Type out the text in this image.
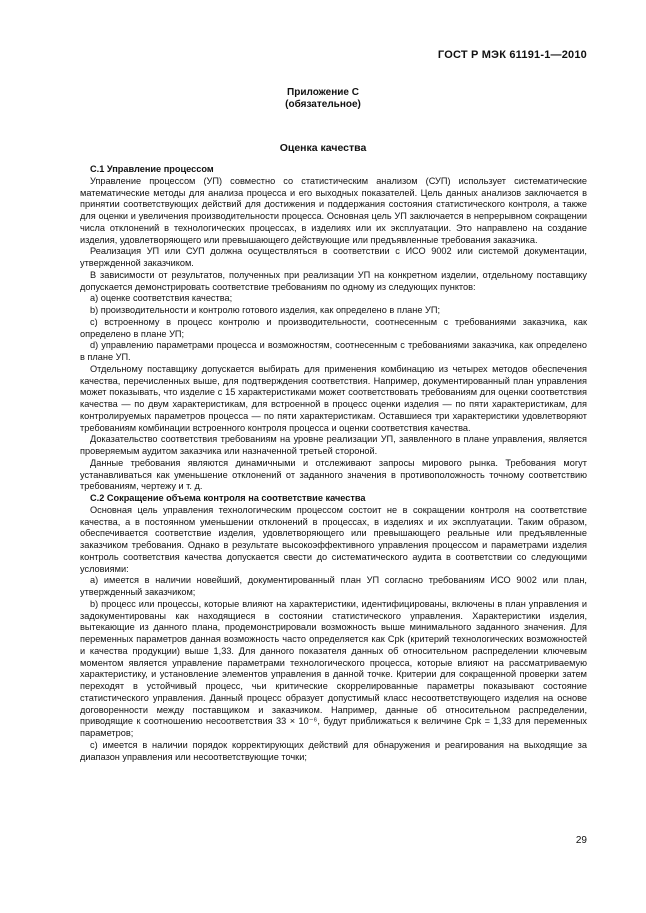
ГОСТ Р МЭК 61191-1—2010
Приложение С
(обязательное)
Оценка качества
С.1 Управление процессом

Управление процессом (УП) совместно со статистическим анализом (СУП) использует систематические математические методы для анализа процесса и его выходных показателей. Цель данных анализов заключается в принятии соответствующих действий для достижения и поддержания состояния статистического контроля, а также для оценки и увеличения производительности процесса. Основная цель УП заключается в непрерывном сокращении числа отклонений в технологических процессах, в изделиях или их эксплуатации. Это направлено на создание изделия, удовлетворяющего или превышающего действующие или предъявленные требования заказчика.

Реализация УП или СУП должна осуществляться в соответствии с ИСО 9002 или системой документации, утвержденной заказчиком.

В зависимости от результатов, полученных при реализации УП на конкретном изделии, отдельному поставщику допускается демонстрировать соответствие требованиям по одному из следующих пунктов:

a) оценке соответствия качества;

b) производительности и контролю готового изделия, как определено в плане УП;

c) встроенному в процесс контролю и производительности, соотнесенным с требованиями заказчика, как определено в плане УП;

d) управлению параметрами процесса и возможностям, соотнесенным с требованиями заказчика, как определено в плане УП.

Отдельному поставщику допускается выбирать для применения комбинацию из четырех методов обеспечения качества, перечисленных выше, для подтверждения соответствия. Например, документированный план управления может показывать, что изделие с 15 характеристиками может соответствовать требованиям для оценки соответствия качества — по двум характеристикам, для встроенной в процесс оценки изделия — по пяти характеристикам, для контролируемых параметров процесса — по пяти характеристикам. Оставшиеся три характеристики удовлетворяют требованиям комбинации встроенного контроля процесса и оценки соответствия качества.

Доказательство соответствия требованиям на уровне реализации УП, заявленного в плане управления, является проверяемым аудитом заказчика или назначенной третьей стороной.

Данные требования являются динамичными и отслеживают запросы мирового рынка. Требования могут устанавливаться как уменьшение отклонений от заданного значения в противоположность точному соответствию требованиям, чертежу и т. д.

С.2 Сокращение объема контроля на соответствие качества

Основная цель управления технологическим процессом состоит не в сокращении контроля на соответствие качества, а в постоянном уменьшении отклонений в процессах, в изделиях и их эксплуатации. Таким образом, обеспечивается соответствие изделия, удовлетворяющего или превышающего реальные или предъявленные заказчиком требования. Однако в результате высокоэффективного управления процессом и параметрами изделия контроль соответствия качества допускается свести до систематического аудита в соответствии со следующими условиями:

a) имеется в наличии новейший, документированный план УП согласно требованиям ИСО 9002 или план, утвержденный заказчиком;

b) процесс или процессы, которые влияют на характеристики, идентифицированы, включены в план управления и задокументированы как находящиеся в состоянии статистического управления. Характеристики изделия, вытекающие из данного плана, продемонстрировали возможность выше минимального заданного значения. Для переменных параметров данная возможность часто определяется как Cpk (критерий технологических возможностей и качества продукции) выше 1,33. Для данного показателя данных об относительном распределении ключевым моментом является управление параметрами технологического процесса, которые влияют на рассматриваемую характеристику, и установление элементов управления в данной точке. Критерии для сокращенной проверки затем переходят в устойчивый процесс, чьи критические скоррелированные параметры показывают состояние статистического управления. Данный процесс образует допустимый класс несоответствующего изделия на основе договоренности между поставщиком и заказчиком. Например, данные об относительном распределении, приводящие к соотношению несоответствия 33 × 10⁻⁶, будут приближаться к величине Cpk = 1,33 для переменных параметров;

c) имеется в наличии порядок корректирующих действий для обнаружения и реагирования на выходящие за диапазон управления или несоответствующие точки;

29
